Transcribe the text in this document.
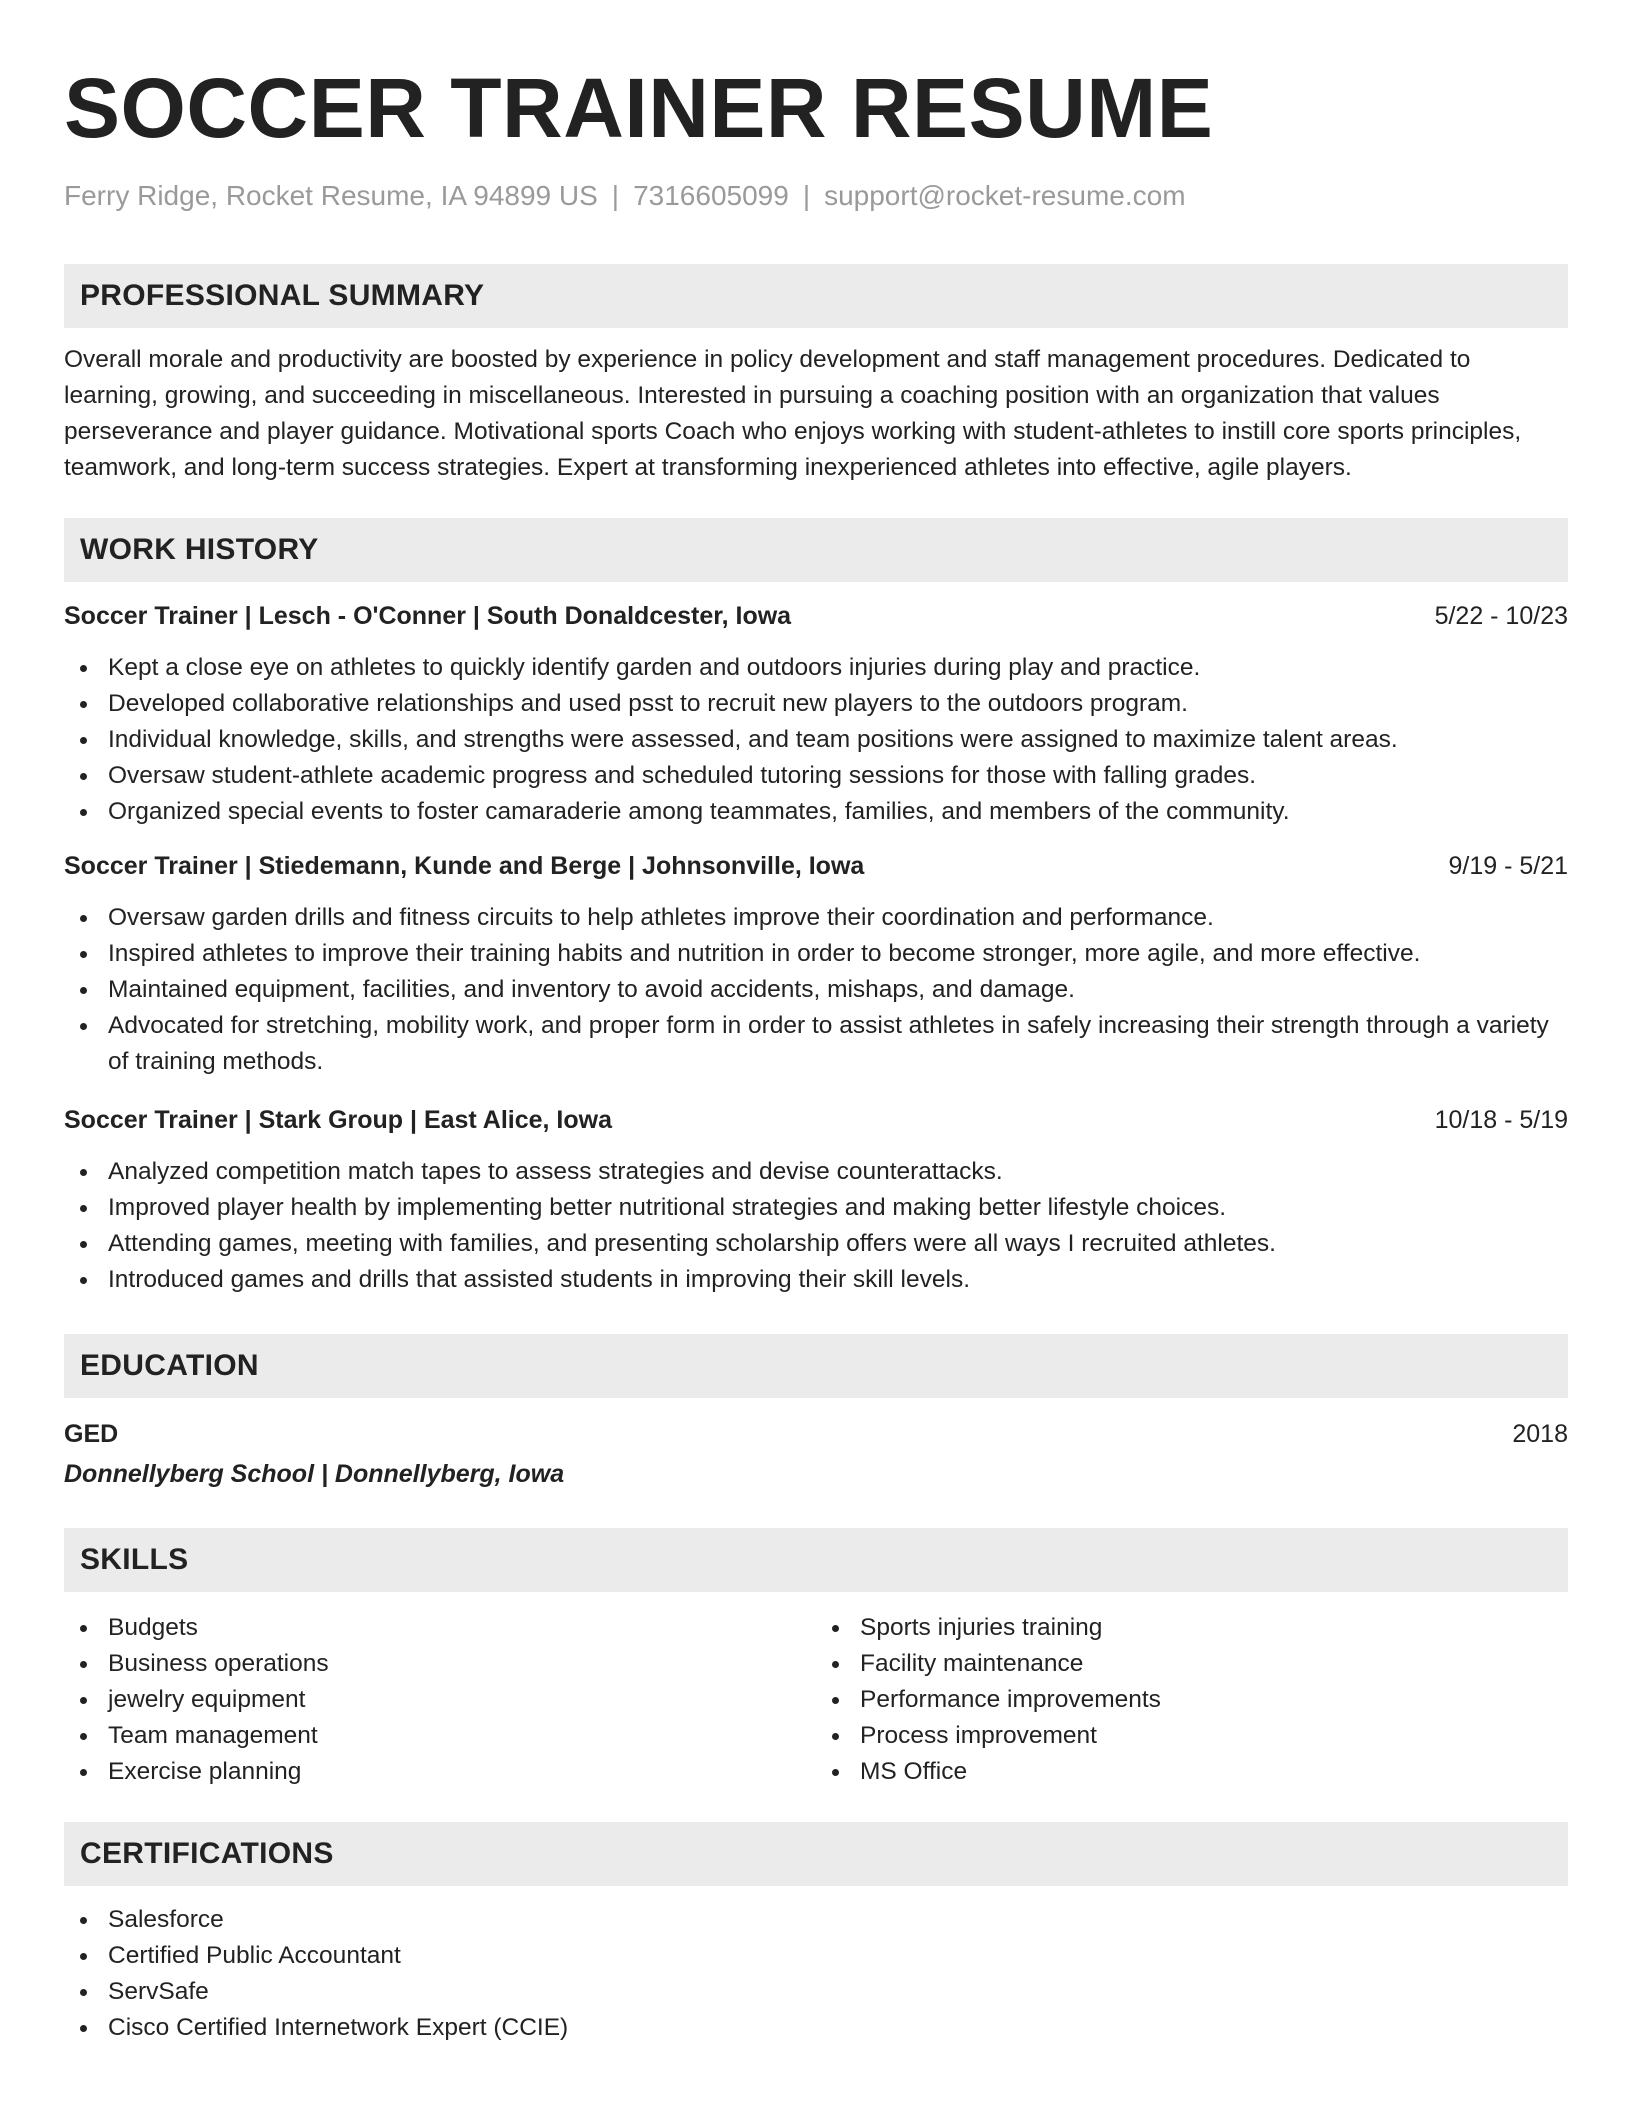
SOCCER TRAINER RESUME
Ferry Ridge, Rocket Resume, IA 94899 US | 7316605099 | support@rocket-resume.com
PROFESSIONAL SUMMARY

Overall morale and productivity are boosted by experience in policy development and staff management procedures. Dedicated to learning, growing, and succeeding in miscellaneous. Interested in pursuing a coaching position with an organization that values perseverance and player guidance. Motivational sports Coach who enjoys working with student-athletes to instill core sports principles, teamwork, and long-term success strategies. Expert at transforming inexperienced athletes into effective, agile players.

WORK HISTORY
Soccer Trainer | Lesch - O'Conner | South Donaldcester, Iowa	5/22 - 10/23
Kept a close eye on athletes to quickly identify garden and outdoors injuries during play and practice.
Developed collaborative relationships and used psst to recruit new players to the outdoors program.
Individual knowledge, skills, and strengths were assessed, and team positions were assigned to maximize talent areas.
Oversaw student-athlete academic progress and scheduled tutoring sessions for those with falling grades.
Organized special events to foster camaraderie among teammates, families, and members of the community.
Soccer Trainer | Stiedemann, Kunde and Berge | Johnsonville, Iowa	9/19 - 5/21
Oversaw garden drills and fitness circuits to help athletes improve their coordination and performance.
Inspired athletes to improve their training habits and nutrition in order to become stronger, more agile, and more effective.
Maintained equipment, facilities, and inventory to avoid accidents, mishaps, and damage.
Advocated for stretching, mobility work, and proper form in order to assist athletes in safely increasing their strength through a variety of training methods.
Soccer Trainer | Stark Group | East Alice, Iowa	10/18 - 5/19
Analyzed competition match tapes to assess strategies and devise counterattacks.
Improved player health by implementing better nutritional strategies and making better lifestyle choices.
Attending games, meeting with families, and presenting scholarship offers were all ways I recruited athletes.
Introduced games and drills that assisted students in improving their skill levels.
EDUCATION
GED	2018
Donnellyberg School | Donnellyberg, Iowa
SKILLS
Budgets
Business operations
jewelry equipment
Team management
Exercise planning
Sports injuries training
Facility maintenance
Performance improvements
Process improvement
MS Office
CERTIFICATIONS
Salesforce
Certified Public Accountant
ServSafe
Cisco Certified Internetwork Expert (CCIE)
